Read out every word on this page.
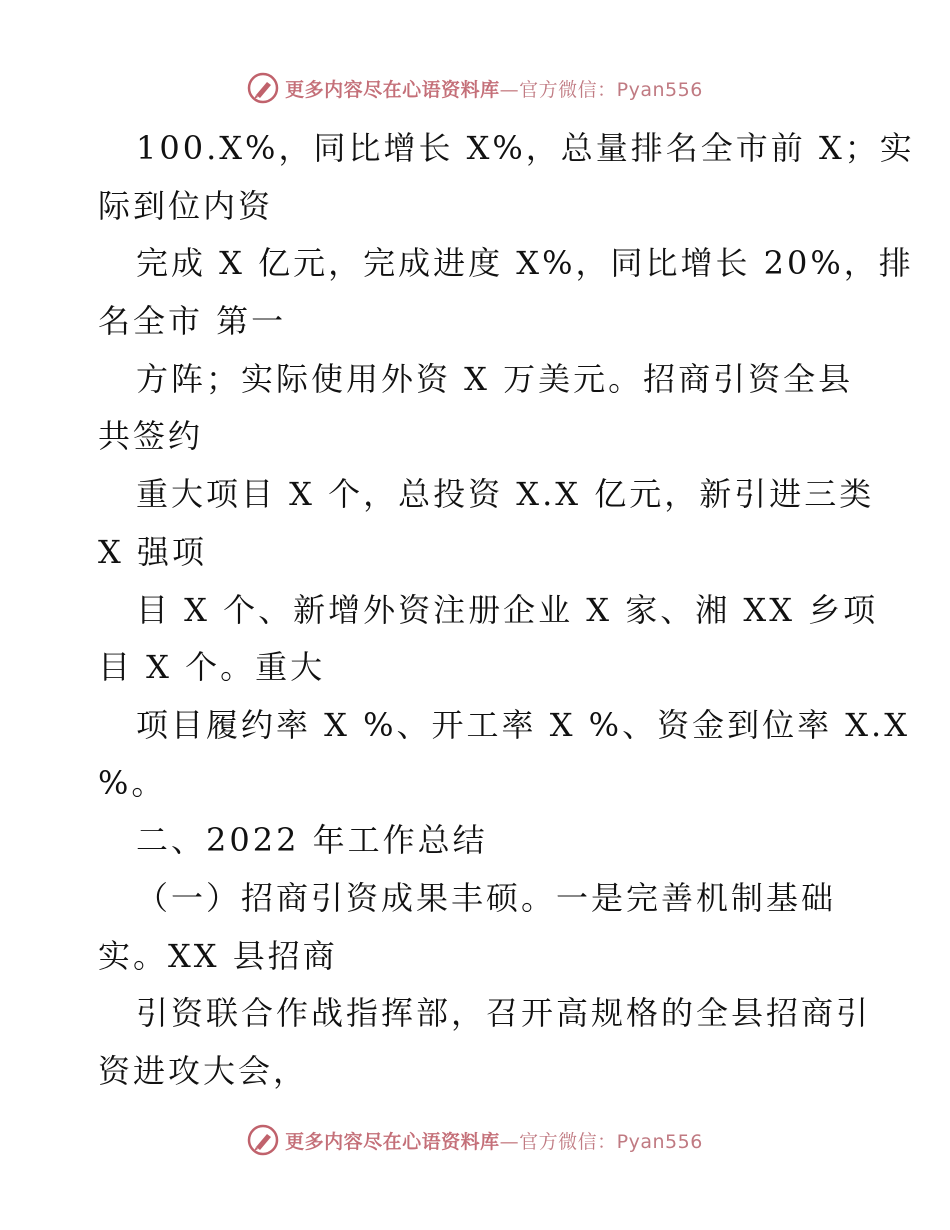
更多内容尽在心语资料库—官方微信：Pyan556
100.X%，同比增长 X%，总量排名全市前 X；实
际到位内资
完成 X 亿元，完成进度 X%，同比增长 20%，排
名全市 第一
方阵；实际使用外资 X 万美元。招商引资全县
共签约
重大项目 X 个，总投资 X.X 亿元，新引进三类
X 强项
目 X 个、新增外资注册企业 X 家、湘 XX 乡项
目 X 个。重大
项目履约率 X %、开工率 X %、资金到位率 X.X
%。
二、2022 年工作总结
（一）招商引资成果丰硕。一是完善机制基础
实。XX 县招商
引资联合作战指挥部，召开高规格的全县招商引
资进攻大会，
更多内容尽在心语资料库—官方微信：Pyan556
